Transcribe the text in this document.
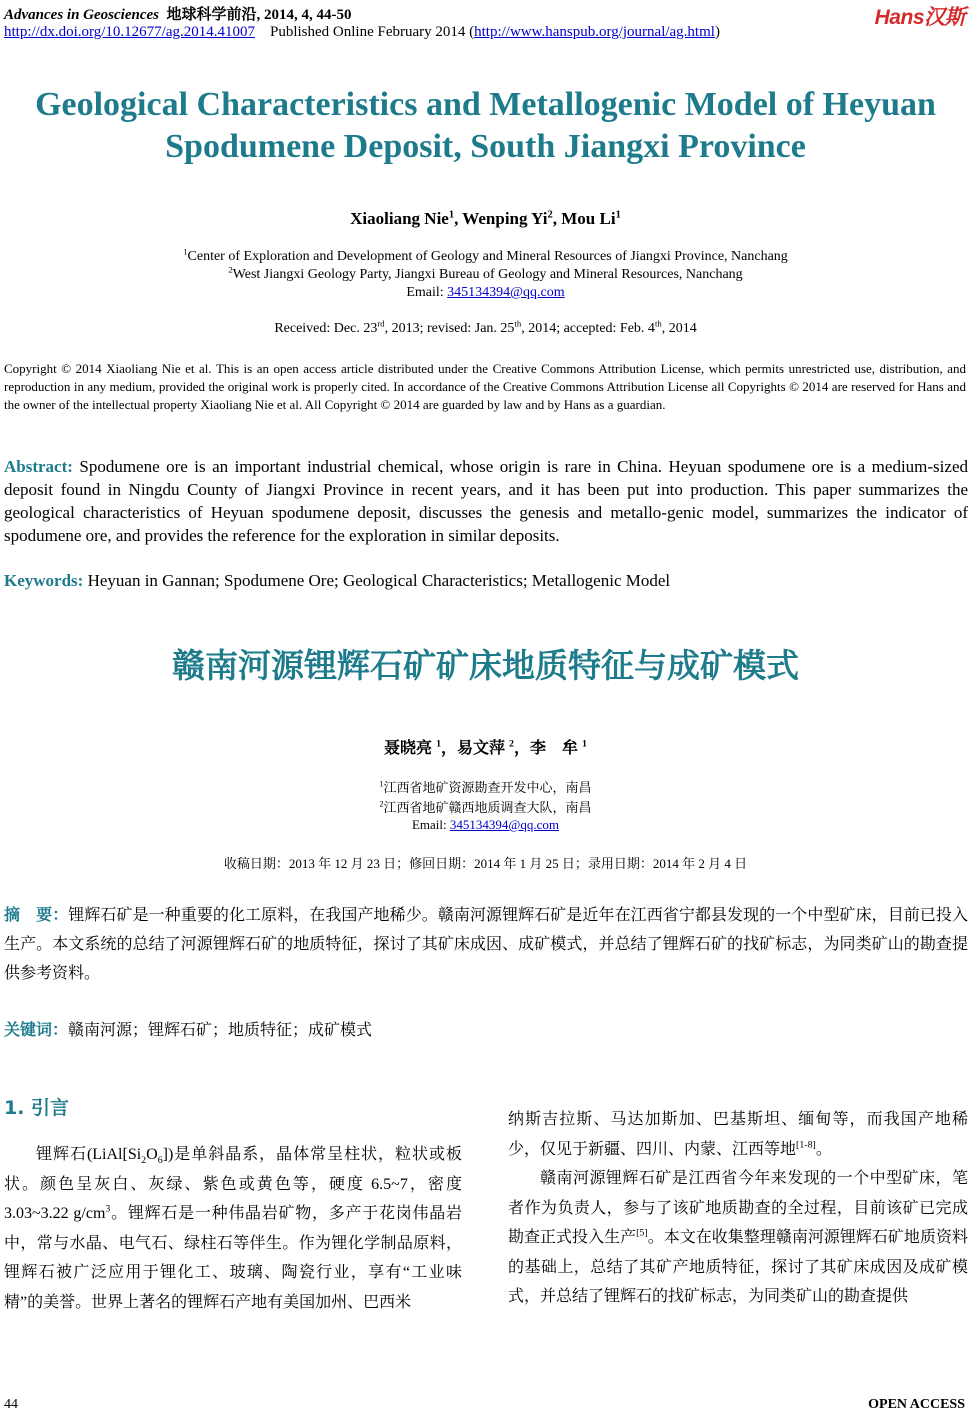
Advances in Geosciences 地球科学前沿, 2014, 4, 44-50	Hans汉斯
http://dx.doi.org/10.12677/ag.2014.41007 Published Online February 2014 (http://www.hanspub.org/journal/ag.html)
Geological Characteristics and Metallogenic Model of Heyuan Spodumene Deposit, South Jiangxi Province
Xiaoliang Nie$^1$, Wenping Yi$^2$, Mou Li$^1$
$^1$Center of Exploration and Development of Geology and Mineral Resources of Jiangxi Province, Nanchang
$^2$West Jiangxi Geology Party, Jiangxi Bureau of Geology and Mineral Resources, Nanchang
Email: 345134394@qq.com
Received: Dec. 23rd, 2013; revised: Jan. 25th, 2014; accepted: Feb. 4th, 2014
Copyright © 2014 Xiaoliang Nie et al. This is an open access article distributed under the Creative Commons Attribution License, which permits unrestricted use, distribution, and reproduction in any medium, provided the original work is properly cited. In accordance of the Creative Commons Attribution License all Copyrights © 2014 are reserved for Hans and the owner of the intellectual property Xiaoliang Nie et al. All Copyright © 2014 are guarded by law and by Hans as a guardian.
Abstract: Spodumene ore is an important industrial chemical, whose origin is rare in China. Heyuan spodumene ore is a medium-sized deposit found in Ningdu County of Jiangxi Province in recent years, and it has been put into production. This paper summarizes the geological characteristics of Heyuan spodumene deposit, discusses the genesis and metallo-genic model, summarizes the indicator of spodumene ore, and provides the reference for the exploration in similar deposits.
Keywords: Heyuan in Gannan; Spodumene Ore; Geological Characteristics; Metallogenic Model
赣南河源锂辉石矿矿床地质特征与成矿模式
聂晓亮 $^1$，易文萍 $^2$，李　牟 $^1$
$^1$江西省地矿资源勘查开发中心，南昌
$^2$江西省地矿赣西地质调查大队，南昌
Email: 345134394@qq.com
收稿日期：2013 年 12 月 23 日；修回日期：2014 年 1 月 25 日；录用日期：2014 年 2 月 4 日
摘　要：锂辉石矿是一种重要的化工原料，在我国产地稀少。赣南河源锂辉石矿是近年在江西省宁都县发现的一个中型矿床，目前已投入生产。本文系统的总结了河源锂辉石矿的地质特征，探讨了其矿床成因、成矿模式，并总结了锂辉石矿的找矿标志，为同类矿山的勘查提供参考资料。
关键词：赣南河源；锂辉石矿；地质特征；成矿模式
1. 引言

锂辉石$(LiAl[Si_2O_6])$是单斜晶系，晶体常呈柱状，粒状或板状。颜色呈灰白、灰绿、紫色或黄色等，硬度 6.5~7，密度 3.03~3.22 $g/cm^3$。锂辉石是一种伟晶岩矿物，多产于花岗伟晶岩中，常与水晶、电气石、绿柱石等伴生。作为锂化学制品原料，锂辉石被广泛应用于锂化工、玻璃、陶瓷行业，享有“工业味精”的美誉。世界上著名的锂辉石产地有美国加州、巴西米

纳斯吉拉斯、马达加斯加、巴基斯坦、缅甸等，而我国产地稀少，仅见于新疆、四川、内蒙、江西等地[1-8]。

赣南河源锂辉石矿是江西省今年来发现的一个中型矿床，笔者作为负责人，参与了该矿地质勘查的全过程，目前该矿已完成勘查正式投入生产[5]。本文在收集整理赣南河源锂辉石矿地质资料的基础上，总结了其矿产地质特征，探讨了其矿床成因及成矿模式，并总结了锂辉石的找矿标志，为同类矿山的勘查提供

44	OPEN ACCESS
